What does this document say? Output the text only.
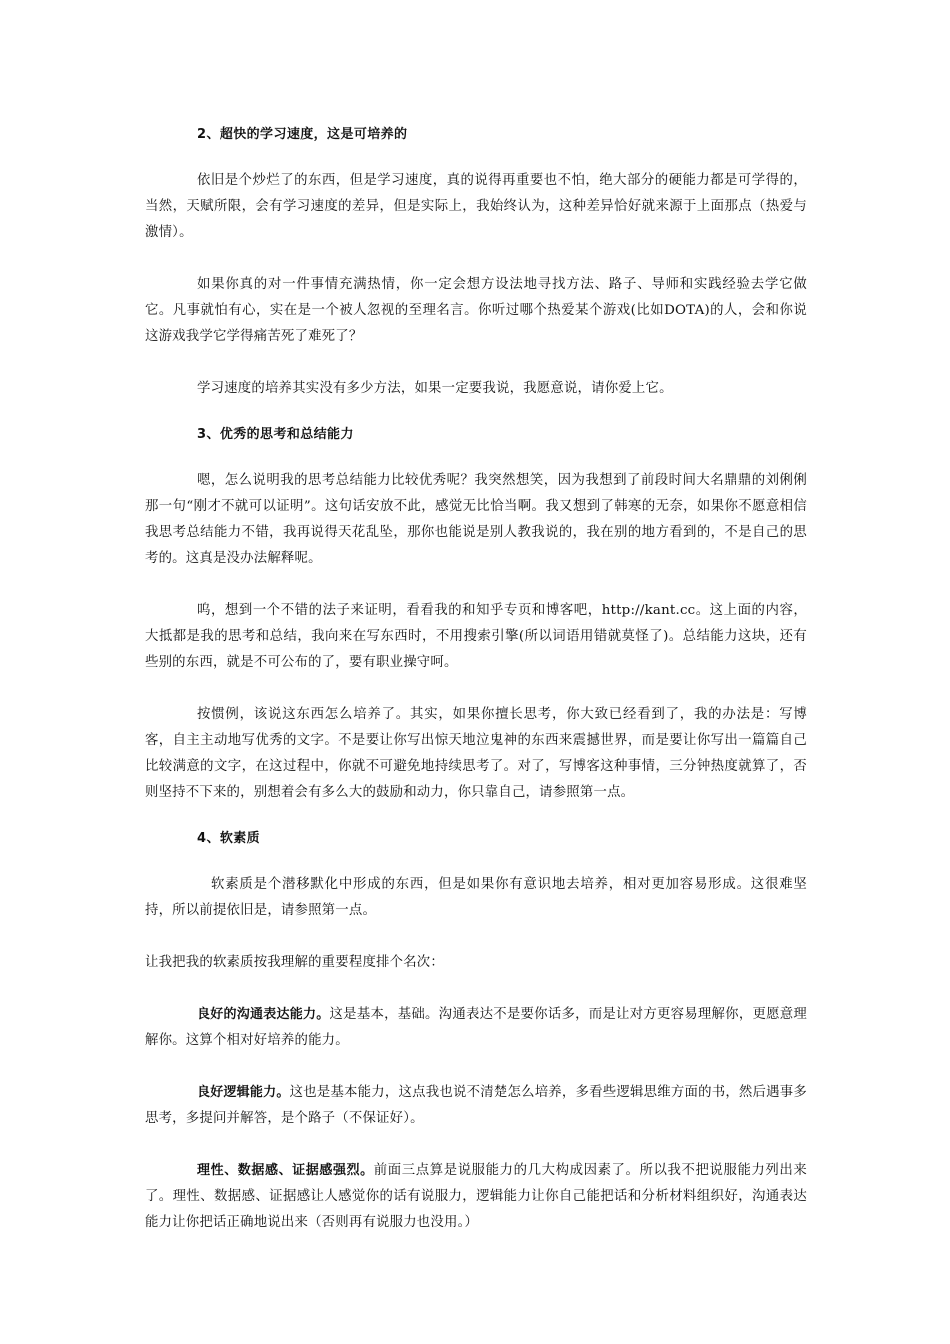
2、超快的学习速度，这是可培养的

依旧是个炒烂了的东西，但是学习速度，真的说得再重要也不怕，绝大部分的硬能力都是可学得的，当然，天赋所限，会有学习速度的差异，但是实际上，我始终认为，这种差异恰好就来源于上面那点（热爱与激情）。

如果你真的对一件事情充满热情，你一定会想方设法地寻找方法、路子、导师和实践经验去学它做它。凡事就怕有心，实在是一个被人忽视的至理名言。你听过哪个热爱某个游戏(比如DOTA)的人，会和你说这游戏我学它学得痛苦死了难死了？

学习速度的培养其实没有多少方法，如果一定要我说，我愿意说，请你爱上它。

3、优秀的思考和总结能力

嗯，怎么说明我的思考总结能力比较优秀呢？我突然想笑，因为我想到了前段时间大名鼎鼎的刘俐俐那一句“刚才不就可以证明”。这句话安放不此，感觉无比恰当啊。我又想到了韩寒的无奈，如果你不愿意相信我思考总结能力不错，我再说得天花乱坠，那你也能说是别人教我说的，我在别的地方看到的，不是自己的思考的。这真是没办法解释呢。

呜，想到一个不错的法子来证明，看看我的和知乎专页和博客吧，http://kant.cc。这上面的内容，大抵都是我的思考和总结，我向来在写东西时，不用搜索引擎(所以词语用错就莫怪了)。总结能力这块，还有些别的东西，就是不可公布的了，要有职业操守呵。

按惯例，该说这东西怎么培养了。其实，如果你擅长思考，你大致已经看到了，我的办法是：写博客，自主主动地写优秀的文字。不是要让你写出惊天地泣鬼神的东西来震撼世界，而是要让你写出一篇篇自己比较满意的文字，在这过程中，你就不可避免地持续思考了。对了，写博客这种事情，三分钟热度就算了，否则坚持不下来的，别想着会有多么大的鼓励和动力，你只靠自己，请参照第一点。

4、软素质

软素质是个潜移默化中形成的东西，但是如果你有意识地去培养，相对更加容易形成。这很难坚持，所以前提依旧是，请参照第一点。

让我把我的软素质按我理解的重要程度排个名次：

良好的沟通表达能力。这是基本，基础。沟通表达不是要你话多，而是让对方更容易理解你，更愿意理解你。这算个相对好培养的能力。

良好逻辑能力。这也是基本能力，这点我也说不清楚怎么培养，多看些逻辑思维方面的书，然后遇事多思考，多提问并解答，是个路子（不保证好）。

理性、数据感、证据感强烈。前面三点算是说服能力的几大构成因素了。所以我不把说服能力列出来了。理性、数据感、证据感让人感觉你的话有说服力，逻辑能力让你自己能把话和分析材料组织好，沟通表达能力让你把话正确地说出来（否则再有说服力也没用。）
